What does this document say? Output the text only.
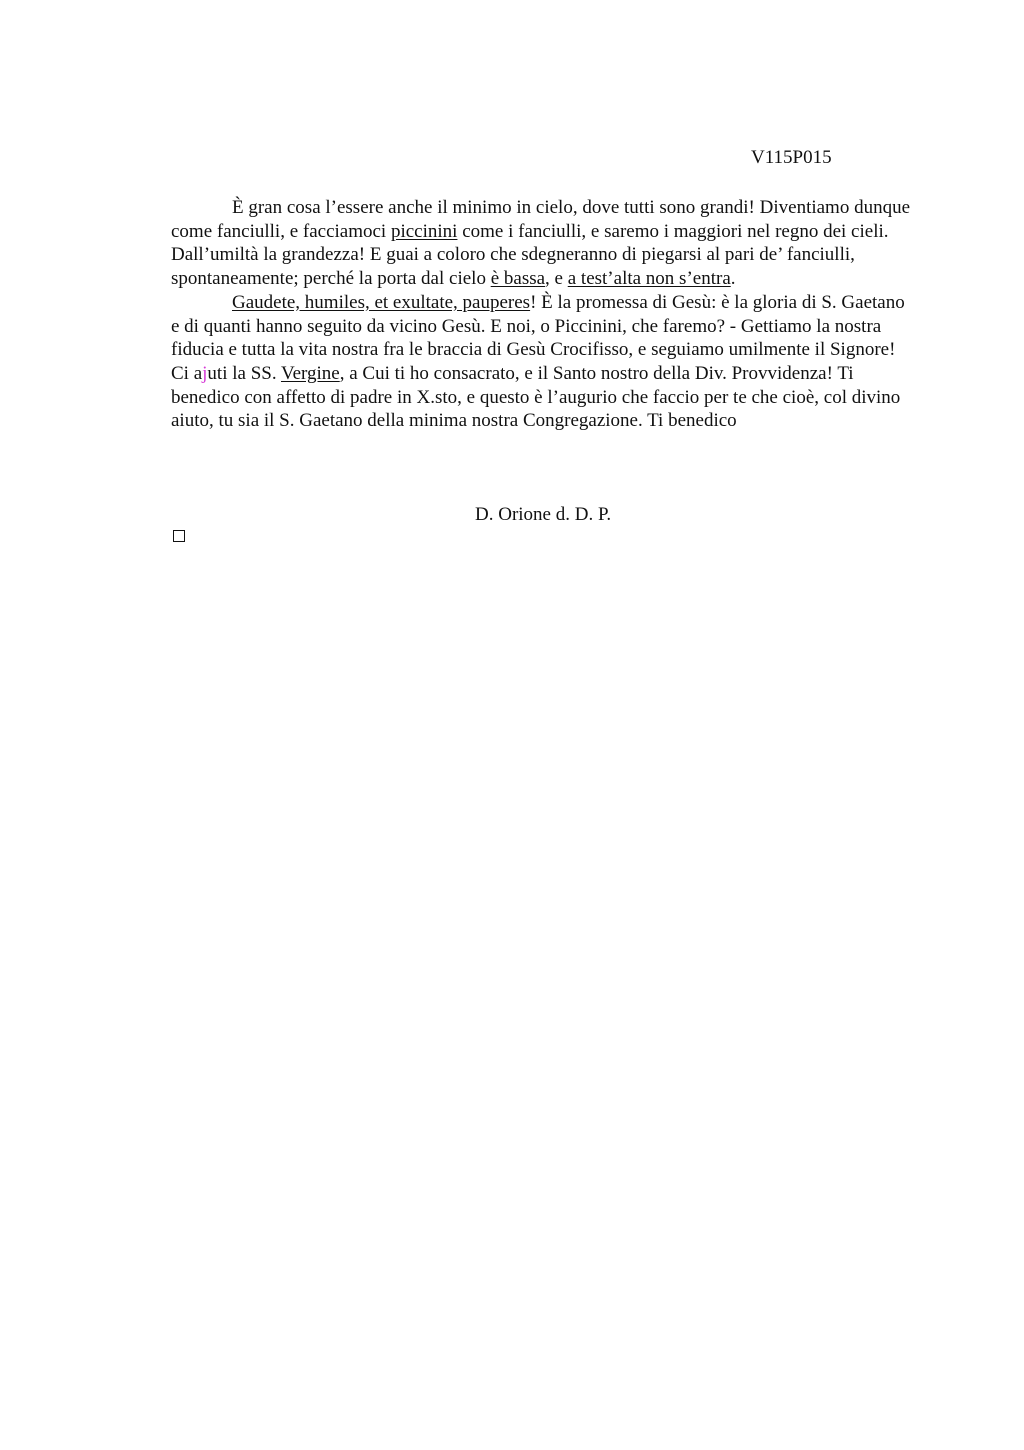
V115P015

È gran cosa l’essere anche il minimo in cielo, dove tutti sono grandi! Diventiamo dunque come fanciulli, e facciamoci piccinini come i fanciulli, e saremo i maggiori nel regno dei cieli. Dall’umiltà la grandezza! E guai a coloro che sdegneranno di piegarsi al pari de’ fanciulli, spontaneamente; perché la porta dal cielo è bassa, e a test’alta non s’entra.

Gaudete, humiles, et exultate, pauperes! È la promessa di Gesù: è la gloria di S. Gaetano e di quanti hanno seguito da vicino Gesù. E noi, o Piccinini, che faremo? - Gettiamo la nostra fiducia e tutta la vita nostra fra le braccia di Gesù Crocifisso, e seguiamo umilmente il Signore! Ci ajuti la SS. Vergine, a Cui ti ho consacrato, e il Santo nostro della Div. Provvidenza! Ti benedico con affetto di padre in X.sto, e questo è l’augurio che faccio per te che cioè, col divino aiuto, tu sia il S. Gaetano della minima nostra Congregazione. Ti benedico

D. Orione d. D. P.
